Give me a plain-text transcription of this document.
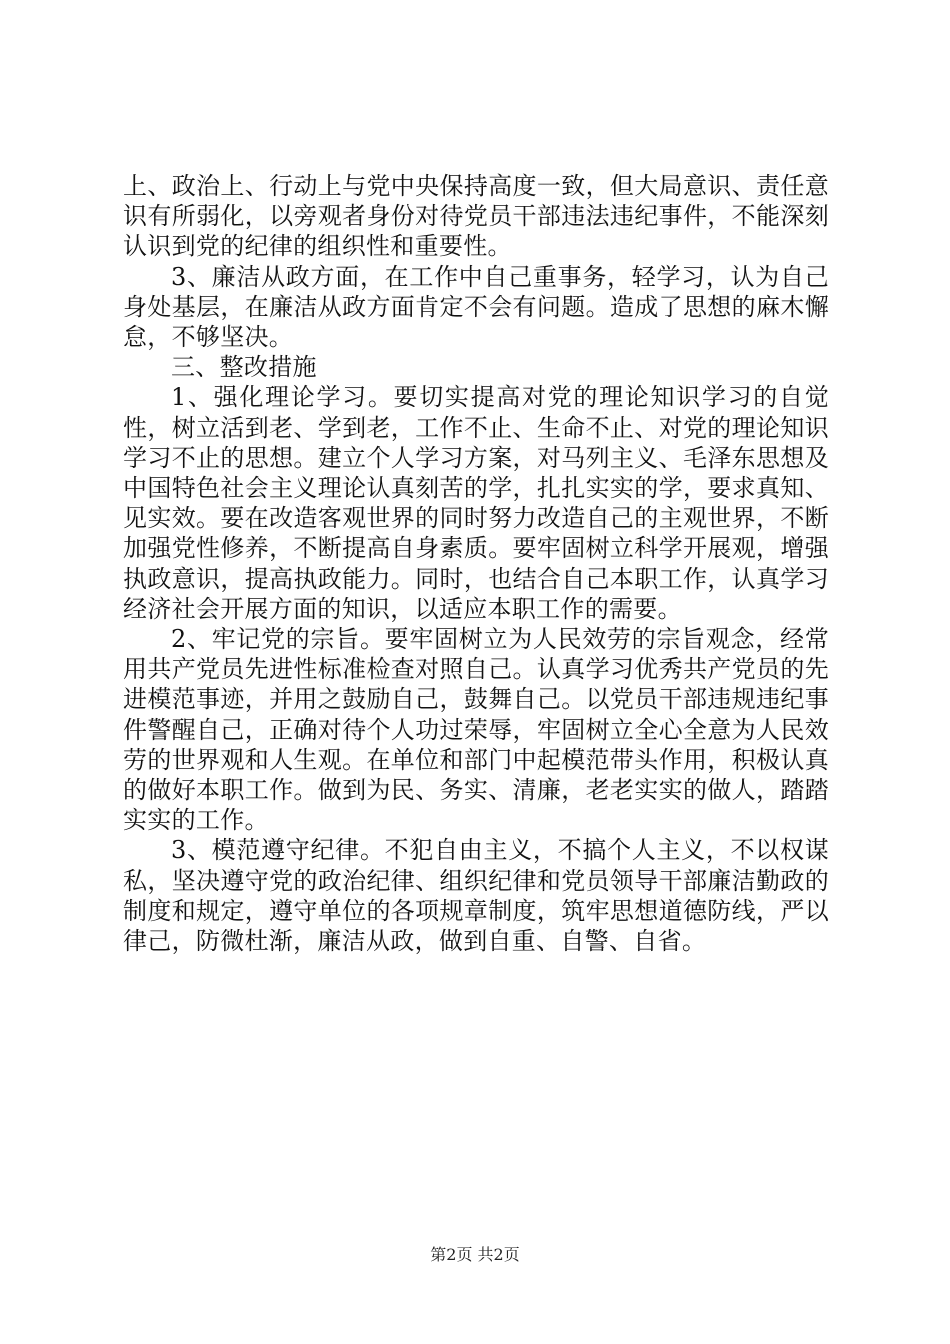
上、政治上、行动上与党中央保持高度一致，但大局意识、责任意识有所弱化，以旁观者身份对待党员干部违法违纪事件，不能深刻认识到党的纪律的组织性和重要性。

3、廉洁从政方面，在工作中自己重事务，轻学习，认为自己身处基层，在廉洁从政方面肯定不会有问题。造成了思想的麻木懈怠，不够坚决。

三、整改措施

1、强化理论学习。要切实提高对党的理论知识学习的自觉性，树立活到老、学到老，工作不止、生命不止、对党的理论知识学习不止的思想。建立个人学习方案，对马列主义、毛泽东思想及中国特色社会主义理论认真刻苦的学，扎扎实实的学，要求真知、见实效。要在改造客观世界的同时努力改造自己的主观世界，不断加强党性修养，不断提高自身素质。要牢固树立科学开展观，增强执政意识，提高执政能力。同时，也结合自己本职工作，认真学习经济社会开展方面的知识，以适应本职工作的需要。

2、牢记党的宗旨。要牢固树立为人民效劳的宗旨观念，经常用共产党员先进性标准检查对照自己。认真学习优秀共产党员的先进模范事迹，并用之鼓励自己，鼓舞自己。以党员干部违规违纪事件警醒自己，正确对待个人功过荣辱，牢固树立全心全意为人民效劳的世界观和人生观。在单位和部门中起模范带头作用，积极认真的做好本职工作。做到为民、务实、清廉，老老实实的做人，踏踏实实的工作。

3、模范遵守纪律。不犯自由主义，不搞个人主义，不以权谋私，坚决遵守党的政治纪律、组织纪律和党员领导干部廉洁勤政的制度和规定，遵守单位的各项规章制度，筑牢思想道德防线，严以律己，防微杜渐，廉洁从政，做到自重、自警、自省。

第2页 共2页
